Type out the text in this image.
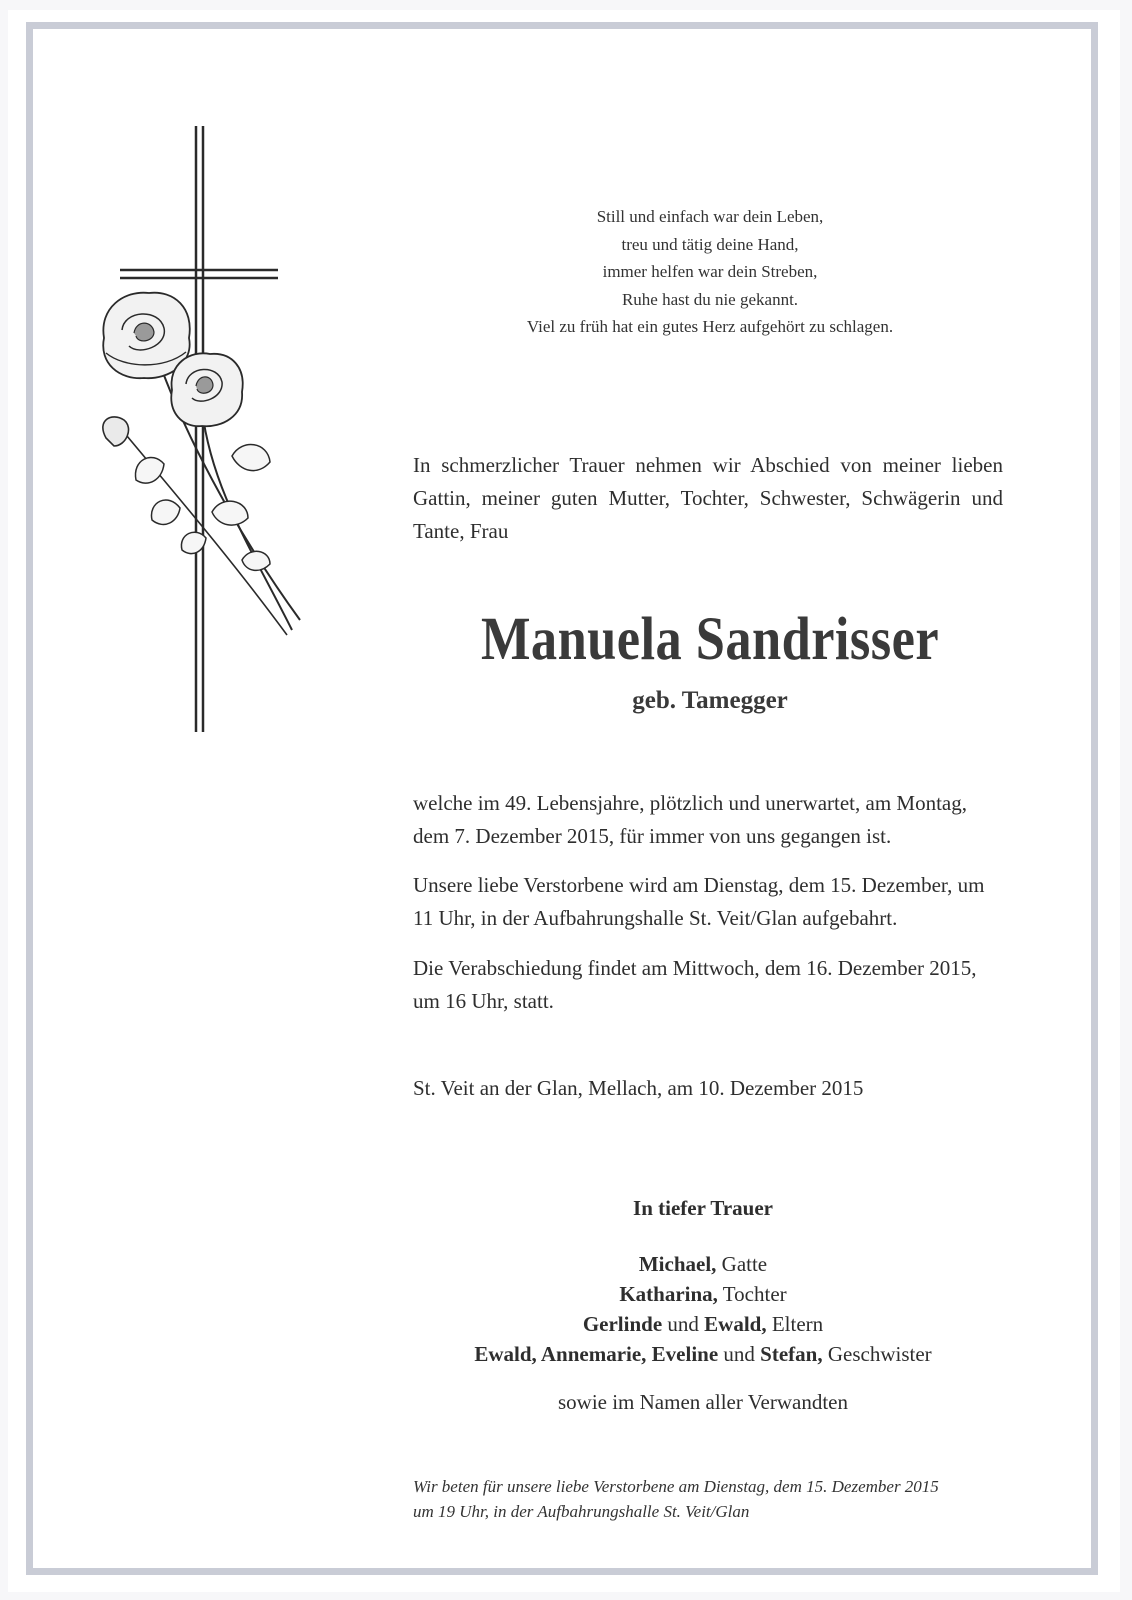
Still und einfach war dein Leben,
treu und tätig deine Hand,
immer helfen war dein Streben,
Ruhe hast du nie gekannt.
Viel zu früh hat ein gutes Herz aufgehört zu schlagen.
In schmerzlicher Trauer nehmen wir Abschied von meiner lieben
Gattin, meiner guten Mutter, Tochter, Schwester, Schwägerin und
Tante, Frau
Manuela Sandrisser
geb. Tamegger
welche im 49. Lebensjahre, plötzlich und unerwartet, am Montag,
dem 7. Dezember 2015, für immer von uns gegangen ist.
Unsere liebe Verstorbene wird am Dienstag, dem 15. Dezember, um
11 Uhr, in der Aufbahrungshalle St. Veit/Glan aufgebahrt.
Die Verabschiedung findet am Mittwoch, dem 16. Dezember 2015,
um 16 Uhr, statt.
St. Veit an der Glan, Mellach, am 10. Dezember 2015
In tiefer Trauer
Michael, Gatte
Katharina, Tochter
Gerlinde und Ewald, Eltern
Ewald, Annemarie, Eveline und Stefan, Geschwister
sowie im Namen aller Verwandten
Wir beten für unsere liebe Verstorbene am Dienstag, dem 15. Dezember 2015
um 19 Uhr, in der Aufbahrungshalle St. Veit/Glan
